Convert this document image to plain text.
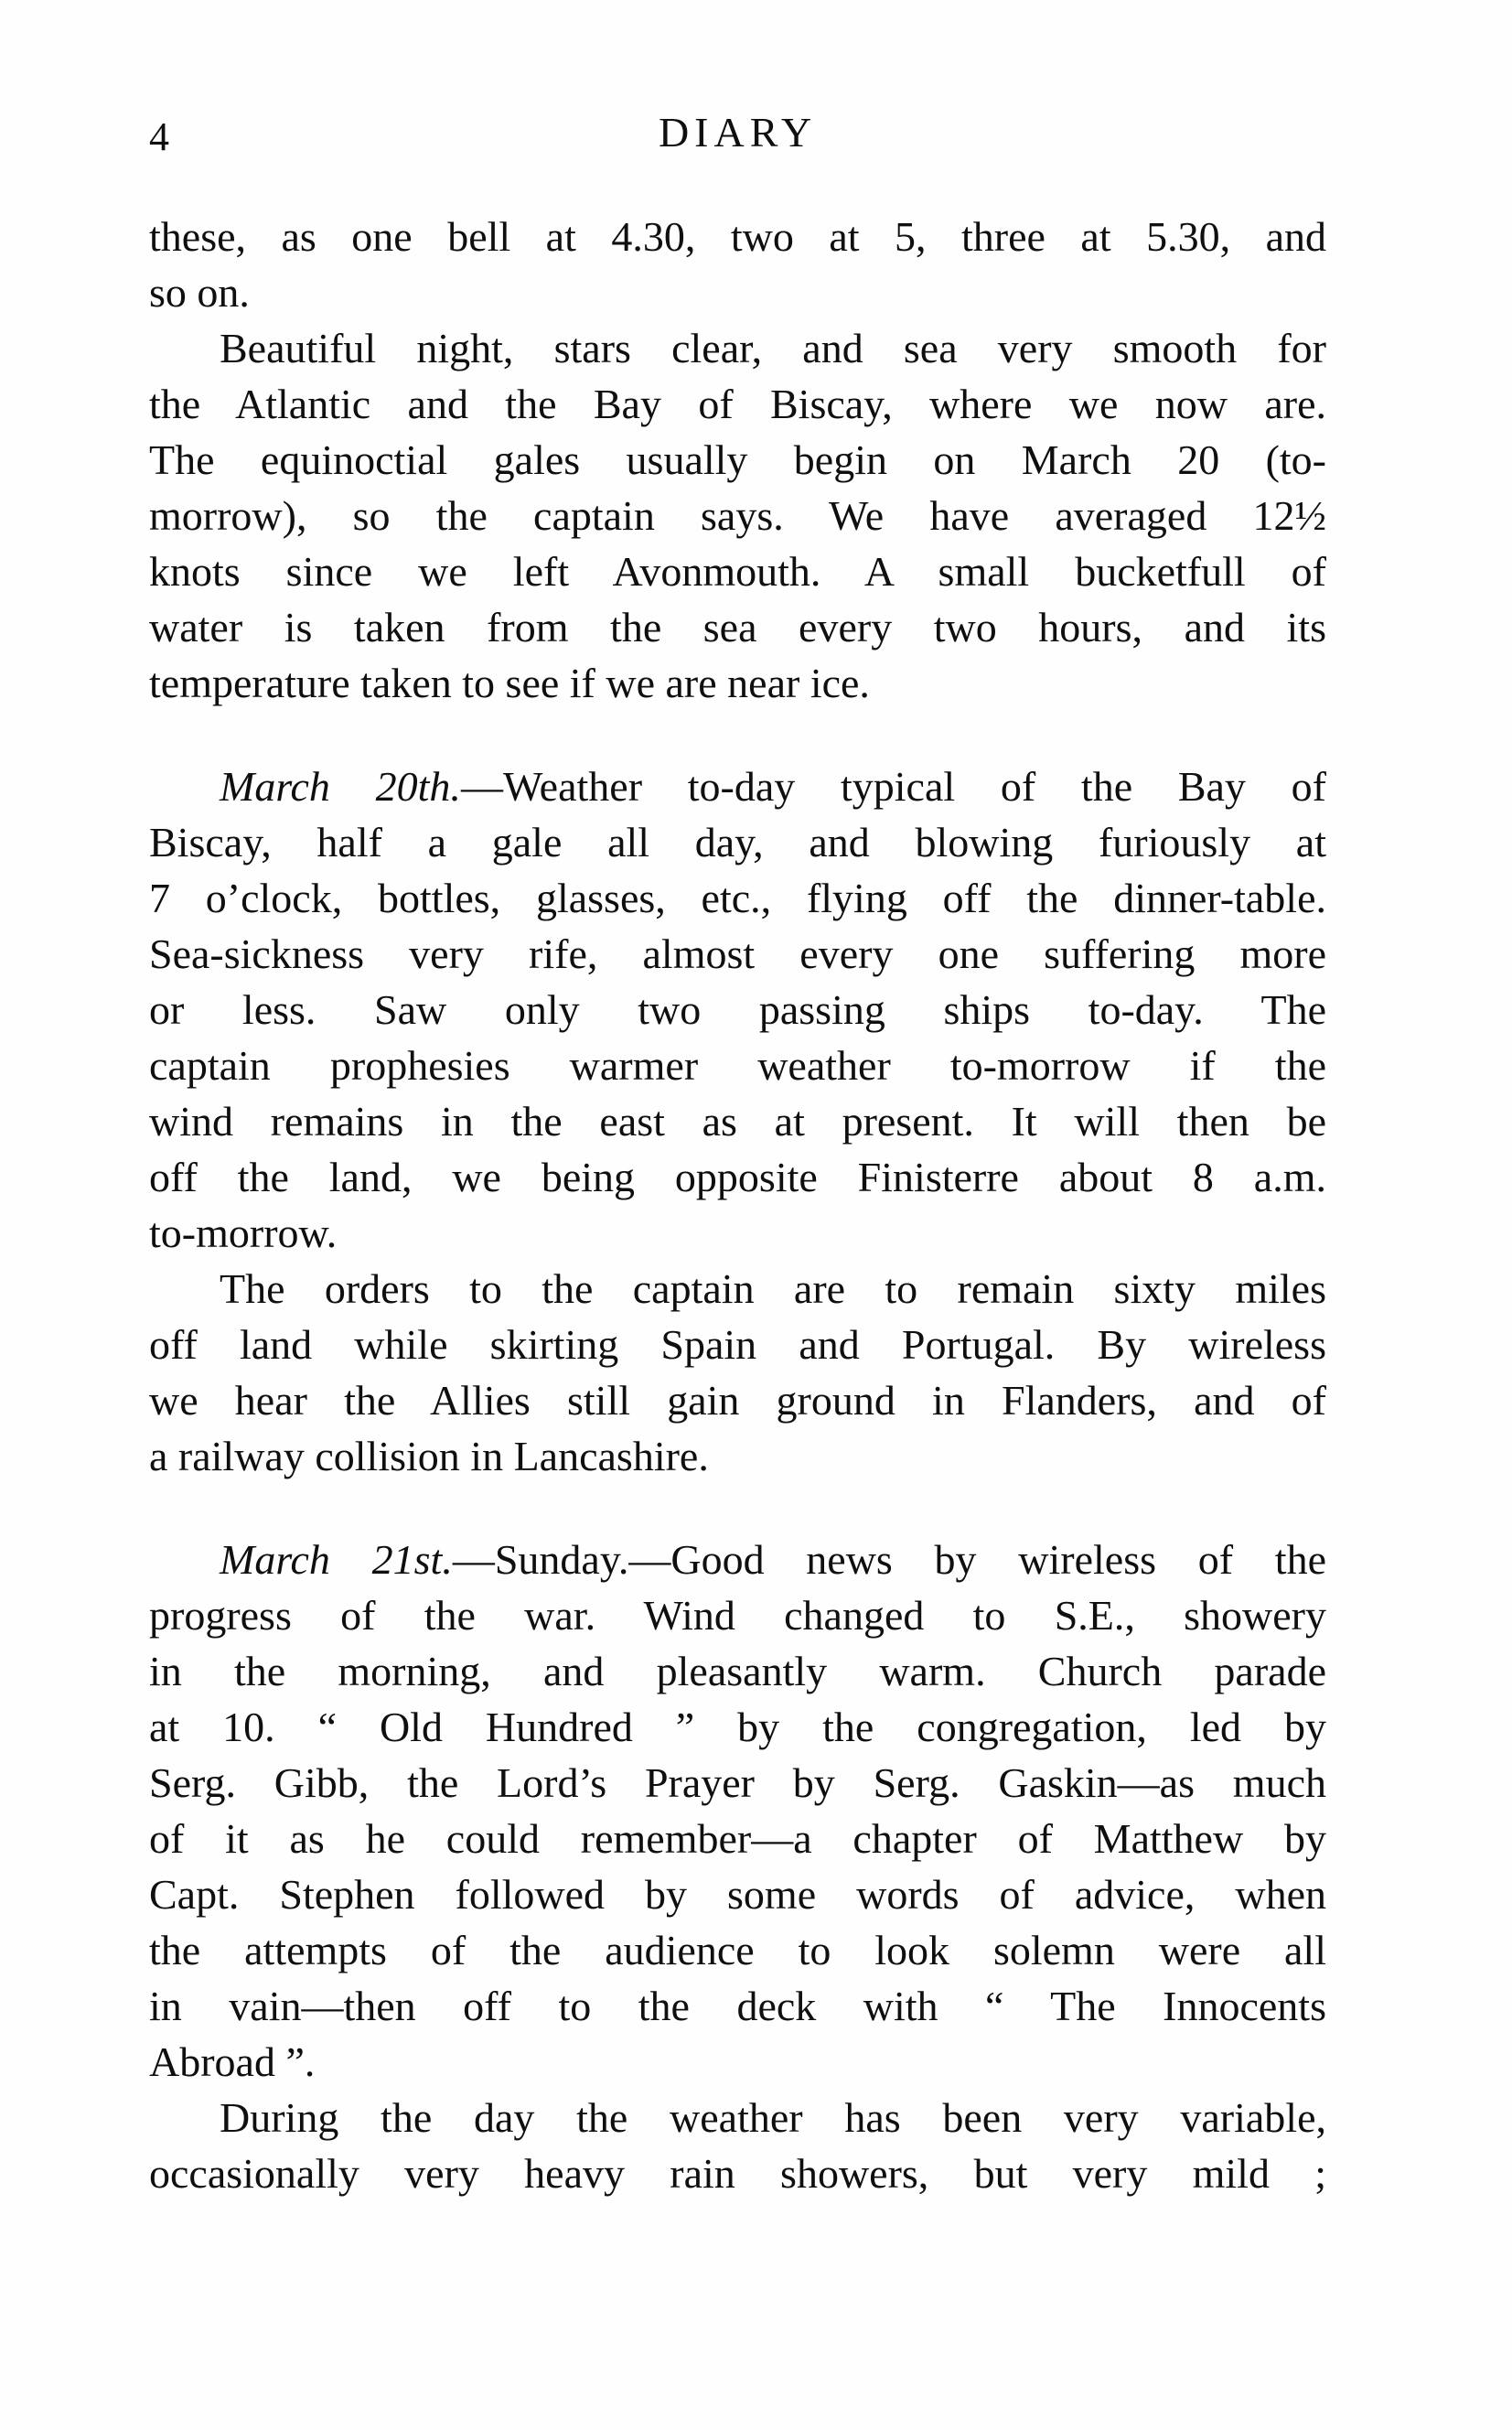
4	DIARY
these, as one bell at 4.30, two at 5, three at 5.30, and
so on.
Beautiful night, stars clear, and sea very smooth for
the Atlantic and the Bay of Biscay, where we now are.
The equinoctial gales usually begin on March 20 (to-
morrow), so the captain says. We have averaged 12½
knots since we left Avonmouth. A small bucketfull of
water is taken from the sea every two hours, and its
temperature taken to see if we are near ice.
March 20th.—Weather to-day typical of the Bay of
Biscay, half a gale all day, and blowing furiously at
7 o’clock, bottles, glasses, etc., flying off the dinner-table.
Sea-sickness very rife, almost every one suffering more
or less. Saw only two passing ships to-day. The
captain prophesies warmer weather to-morrow if the
wind remains in the east as at present. It will then be
off the land, we being opposite Finisterre about 8 a.m.
to-morrow.
The orders to the captain are to remain sixty miles
off land while skirting Spain and Portugal. By wireless
we hear the Allies still gain ground in Flanders, and of
a railway collision in Lancashire.
March 21st.—Sunday.—Good news by wireless of the
progress of the war. Wind changed to S.E., showery
in the morning, and pleasantly warm. Church parade
at 10. “ Old Hundred ” by the congregation, led by
Serg. Gibb, the Lord’s Prayer by Serg. Gaskin—as much
of it as he could remember—a chapter of Matthew by
Capt. Stephen followed by some words of advice, when
the attempts of the audience to look solemn were all
in vain—then off to the deck with “ The Innocents
Abroad ”.
During the day the weather has been very variable,
occasionally very heavy rain showers, but very mild ;
